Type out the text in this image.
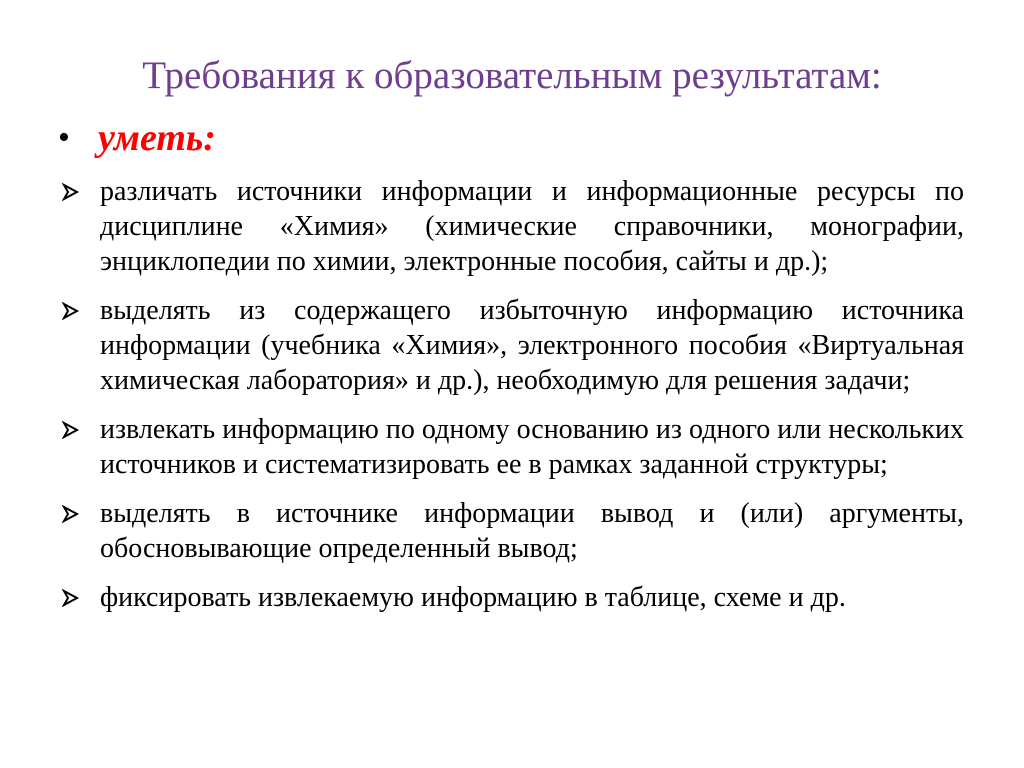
Требования к образовательным результатам:
• уметь:
различать источники информации и информационные ресурсы по дисциплине «Химия» (химические справочники, монографии, энциклопедии по химии, электронные пособия, сайты и др.);
выделять из содержащего избыточную информацию источника информации (учебника «Химия», электронного пособия «Виртуальная химическая лаборатория» и др.), необходимую для решения задачи;
извлекать информацию по одному основанию из одного или нескольких источников и систематизировать ее в рамках заданной структуры;
выделять в источнике информации вывод и (или) аргументы, обосновывающие определенный вывод;
фиксировать извлекаемую информацию в таблице, схеме и др.
